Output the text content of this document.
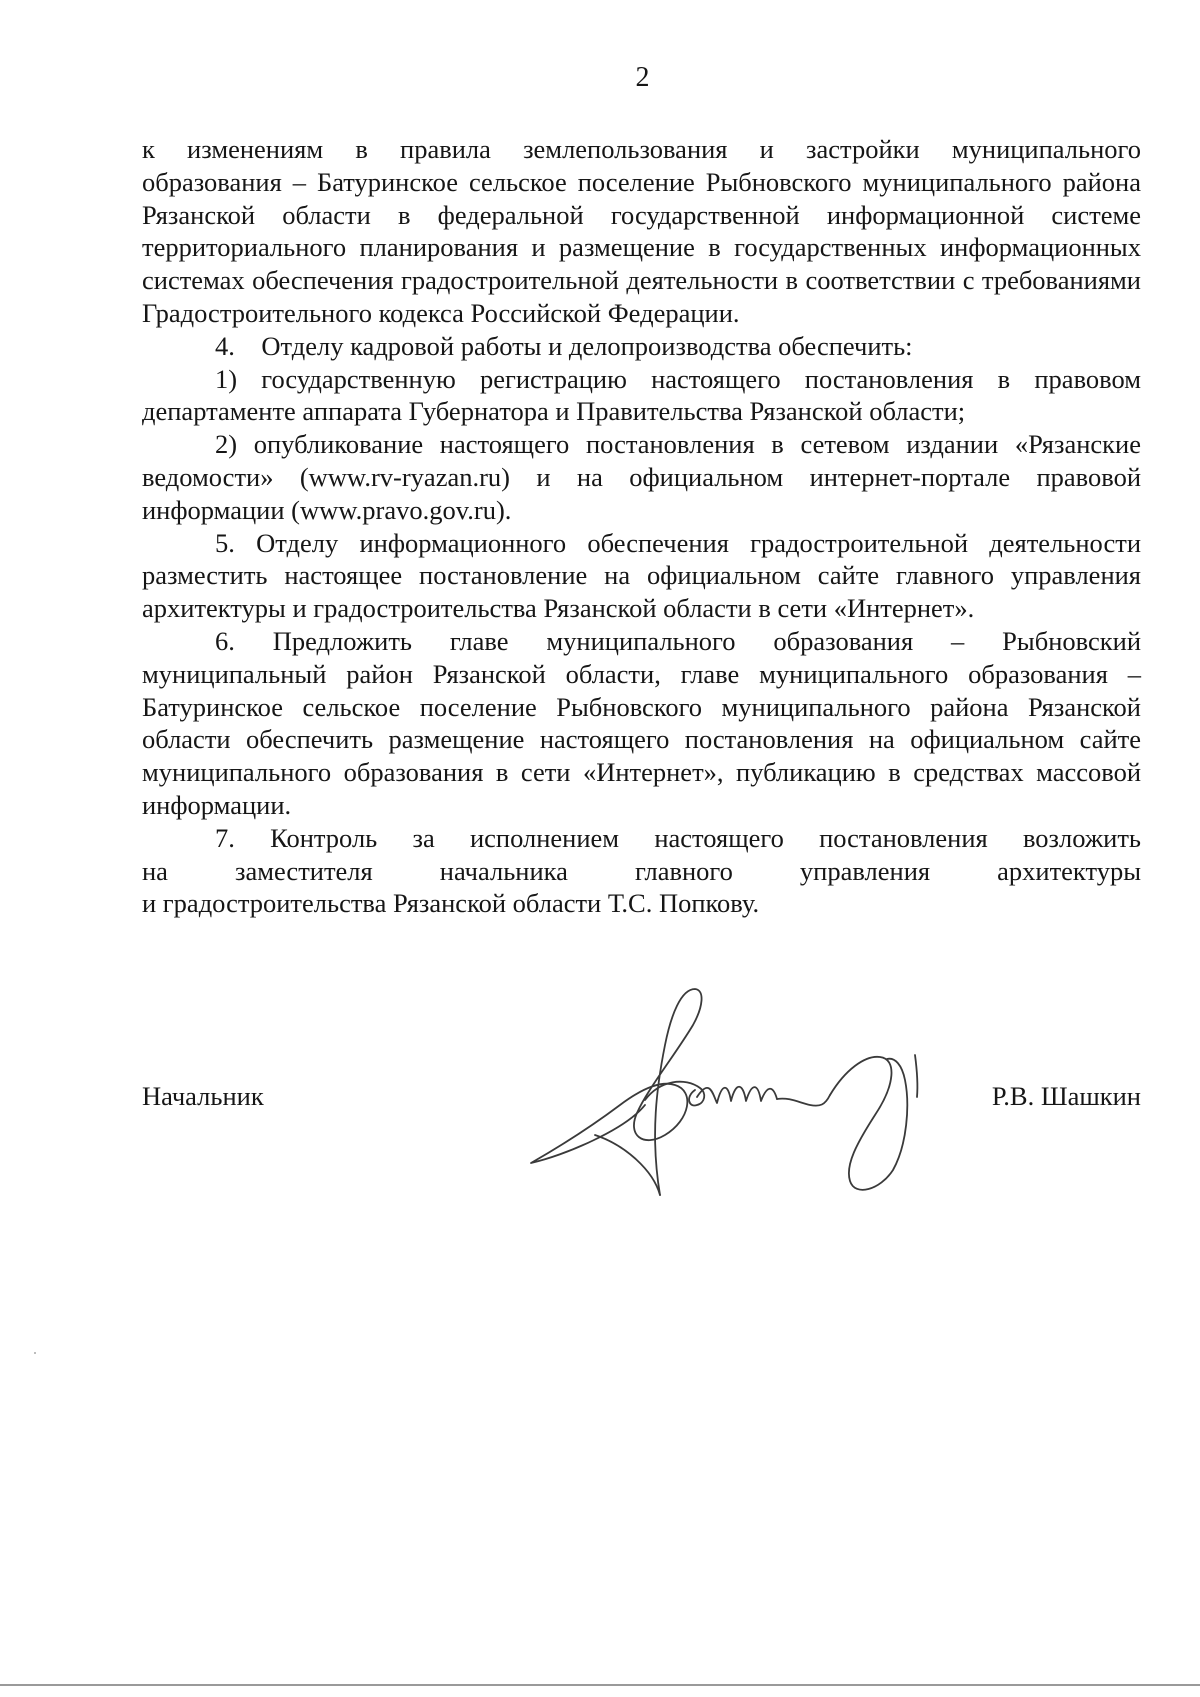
2

к изменениям в правила землепользования и застройки муниципального
образования – Батуринское сельское поселение Рыбновского муниципального района Рязанской области в федеральной государственной информационной системе территориального планирования и размещение в государственных информационных системах обеспечения градостроительной деятельности в соответствии с требованиями Градостроительного кодекса Российской Федерации.

4.    Отделу кадровой работы и делопроизводства обеспечить:

1) государственную регистрацию настоящего постановления в правовом департаменте аппарата Губернатора и Правительства Рязанской области;

2) опубликование настоящего постановления в сетевом издании «Рязанские ведомости» (www.rv-ryazan.ru) и на официальном интернет-портале правовой информации (www.pravo.gov.ru).

5. Отделу информационного обеспечения градостроительной деятельности разместить настоящее постановление на официальном сайте главного управления архитектуры и градостроительства Рязанской области в сети «Интернет».

6. Предложить главе муниципального образования – Рыбновский муниципальный район Рязанской области, главе муниципального образования – Батуринское сельское поселение Рыбновского муниципального района Рязанской области обеспечить размещение настоящего постановления на официальном сайте муниципального образования в сети «Интернет», публикацию в средствах массовой информации.

7. Контроль за исполнением настоящего постановления возложить
на заместителя начальника главного управления архитектуры
и градостроительства Рязанской области Т.С. Попкову.

Начальник	Р.В. Шашкин
